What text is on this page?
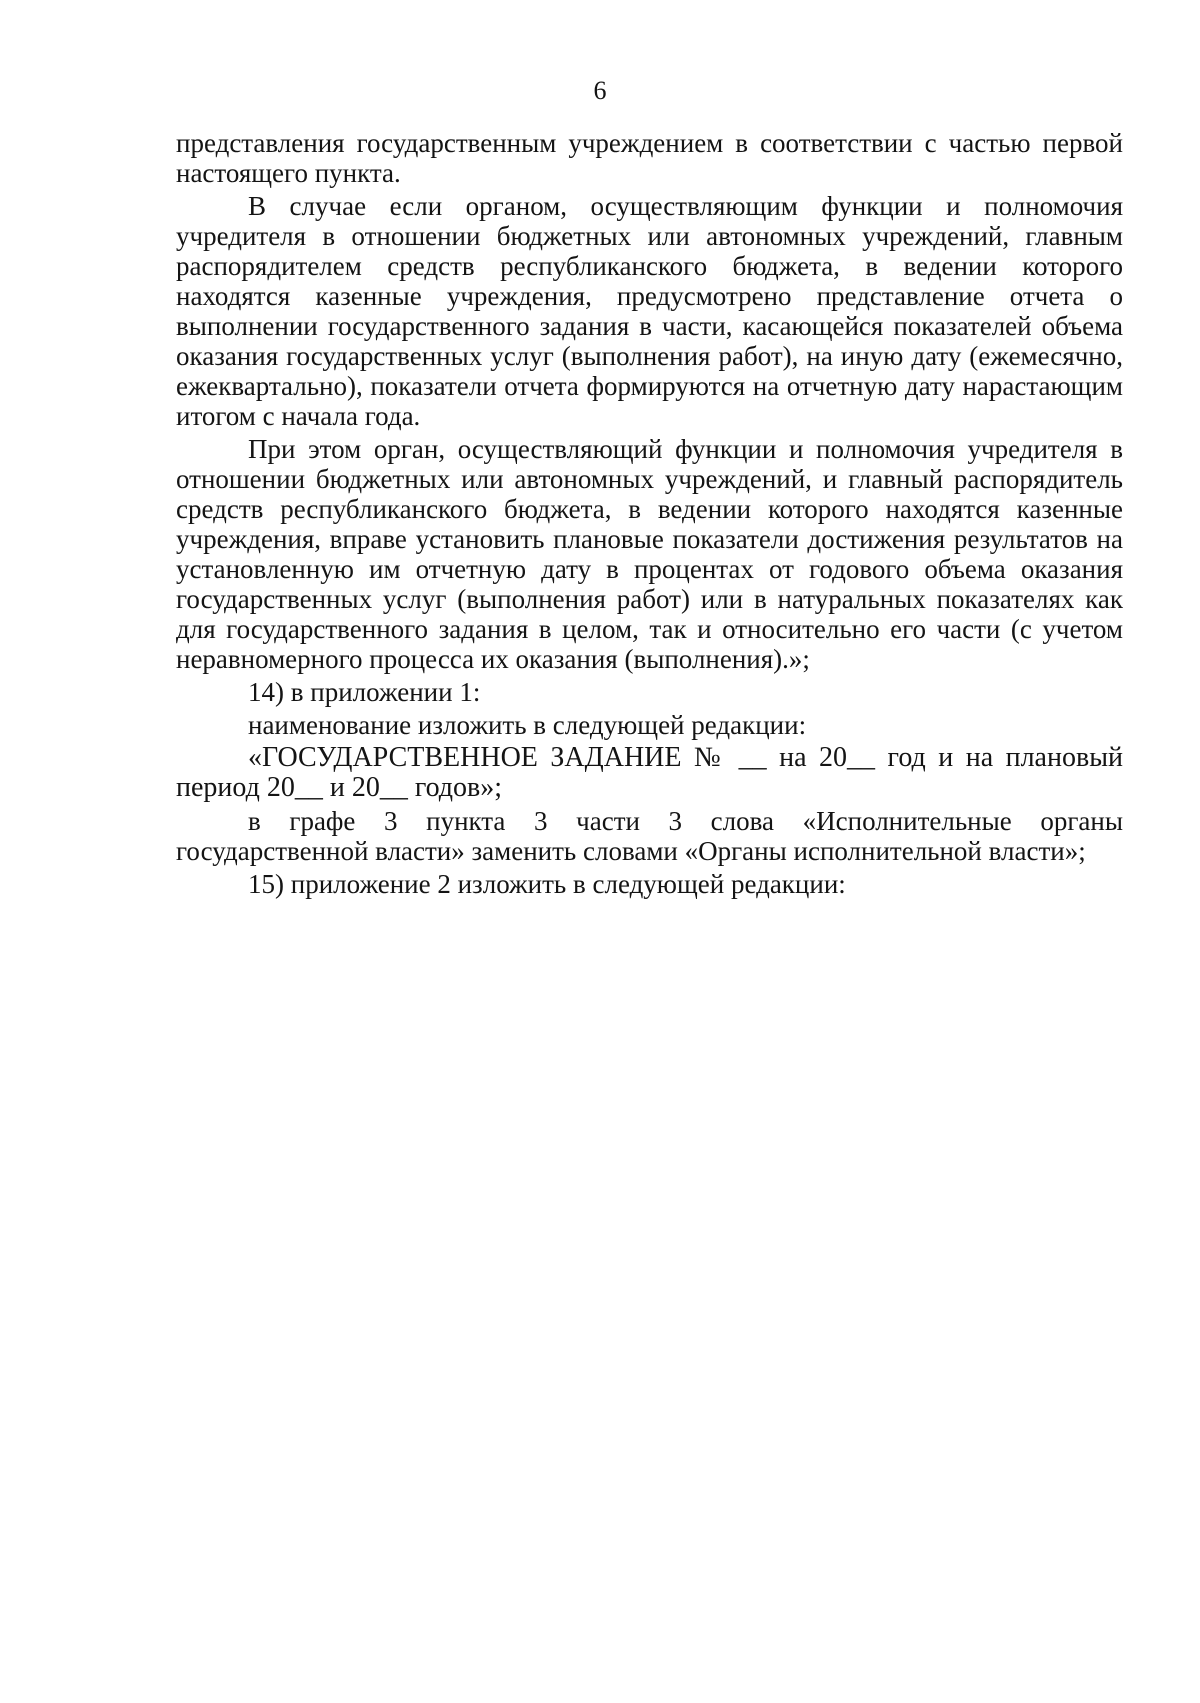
6

представления государственным учреждением в соответствии с частью первой настоящего пункта.

В случае если органом, осуществляющим функции и полномочия учредителя в отношении бюджетных или автономных учреждений, главным распорядителем средств республиканского бюджета, в ведении которого находятся казенные учреждения, предусмотрено представление отчета о выполнении государственного задания в части, касающейся показателей объема оказания государственных услуг (выполнения работ), на иную дату (ежемесячно, ежеквартально), показатели отчета формируются на отчетную дату нарастающим итогом с начала года.

При этом орган, осуществляющий функции и полномочия учредителя в отношении бюджетных или автономных учреждений, и главный распорядитель средств республиканского бюджета, в ведении которого находятся казенные учреждения, вправе установить плановые показатели достижения результатов на установленную им отчетную дату в процентах от годового объема оказания государственных услуг (выполнения работ) или в натуральных показателях как для государственного задания в целом, так и относительно его части (с учетом неравномерного процесса их оказания (выполнения).»;

14) в приложении 1:

наименование изложить в следующей редакции:

«ГОСУДАРСТВЕННОЕ ЗАДАНИЕ № __ на 20__ год и на плановый период 20__ и 20__ годов»;

в графе 3 пункта 3 части 3 слова «Исполнительные органы государственной власти» заменить словами «Органы исполнительной власти»;

15) приложение 2 изложить в следующей редакции:
